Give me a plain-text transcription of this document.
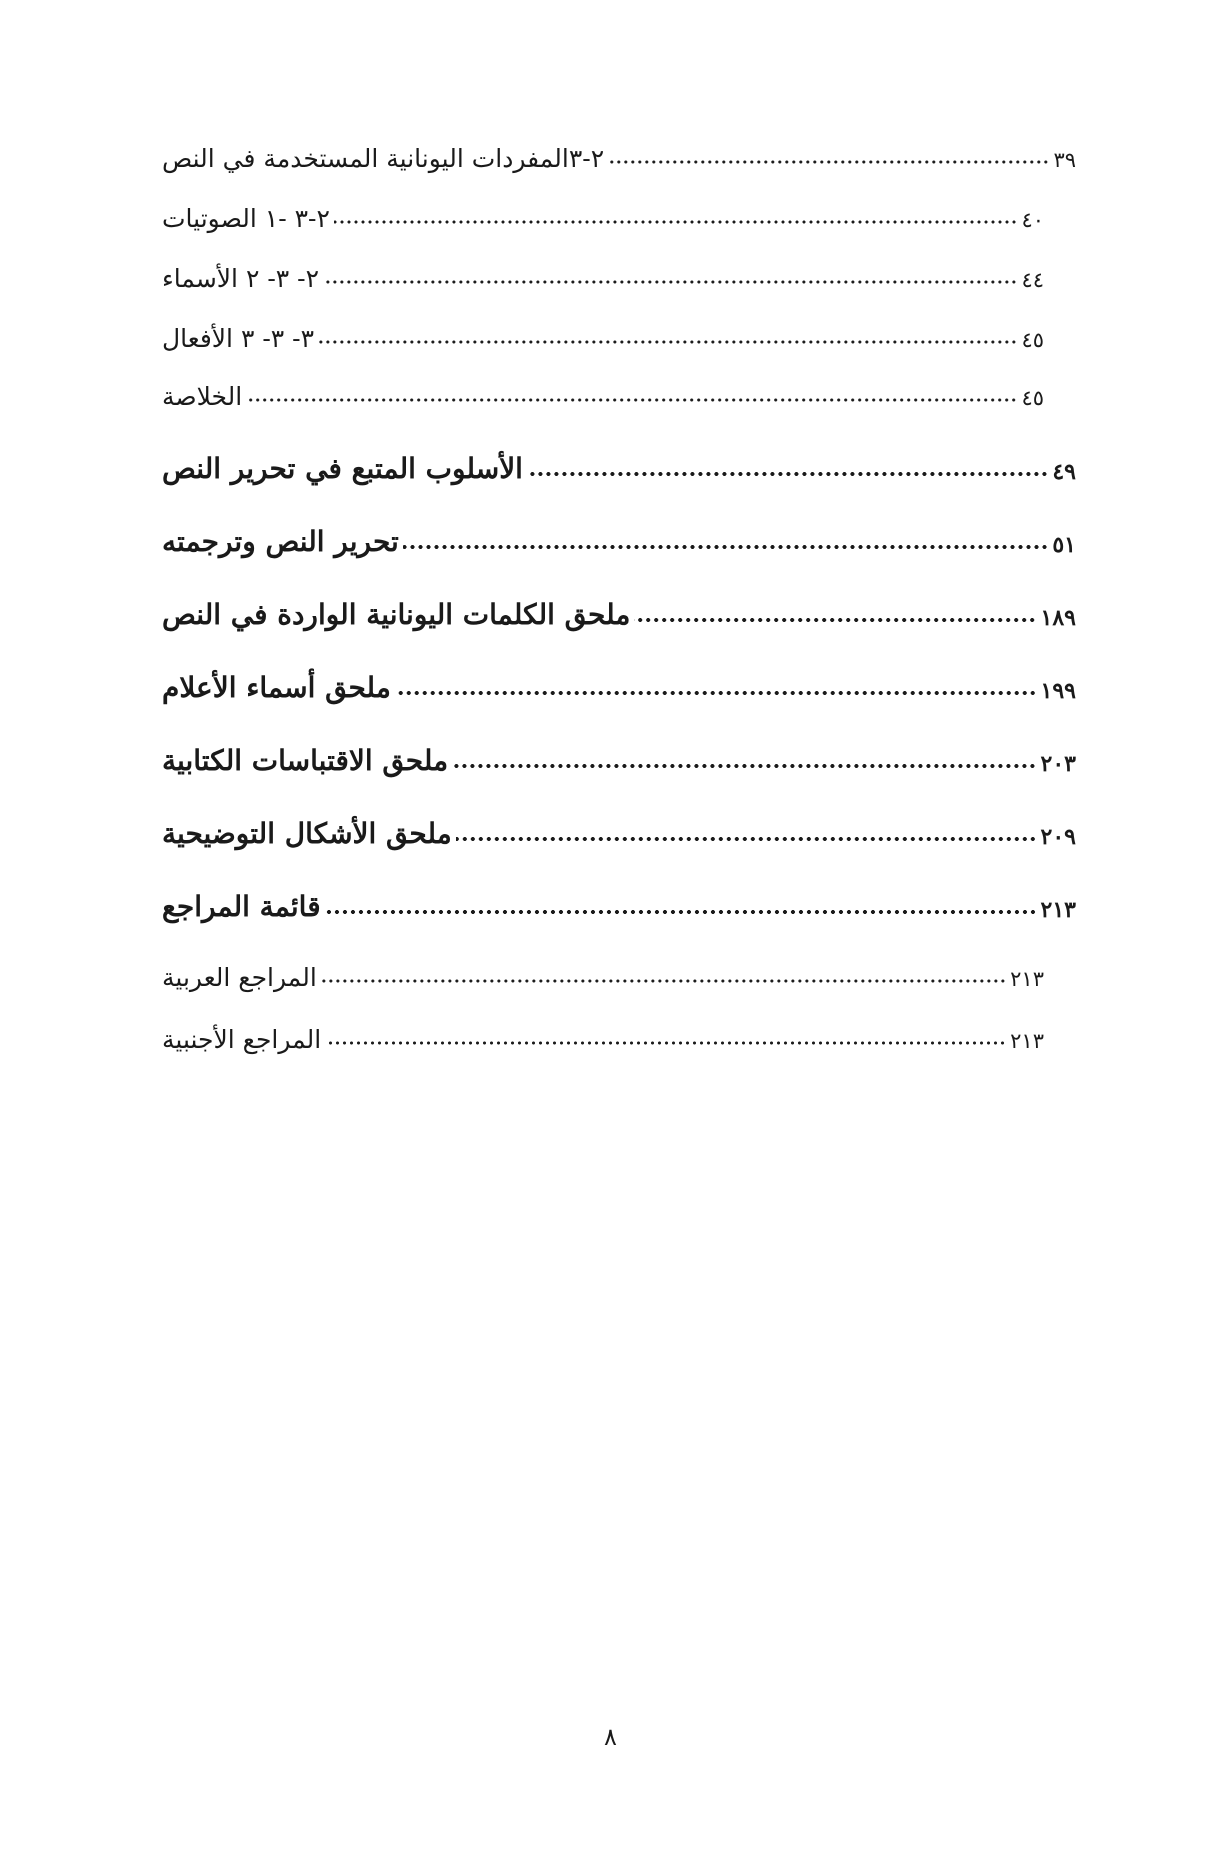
٢-٣المفردات اليونانية المستخدمة في النص	٣٩
٢-٣ -١ الصوتيات	٤٠
٢- ٣- ٢ الأسماء	٤٤
٣- ٣- ٣ الأفعال	٤٥
الخلاصة	٤٥
الأسلوب المتبع في تحرير النص	٤٩
تحرير النص وترجمته	٥١
ملحق الكلمات اليونانية الواردة في النص	١٨٩
ملحق أسماء الأعلام	١٩٩
ملحق الاقتباسات الكتابية	٢٠٣
ملحق الأشكال التوضيحية	٢٠٩
قائمة المراجع	٢١٣
المراجع العربية	٢١٣
المراجع الأجنبية	٢١٣
٨
